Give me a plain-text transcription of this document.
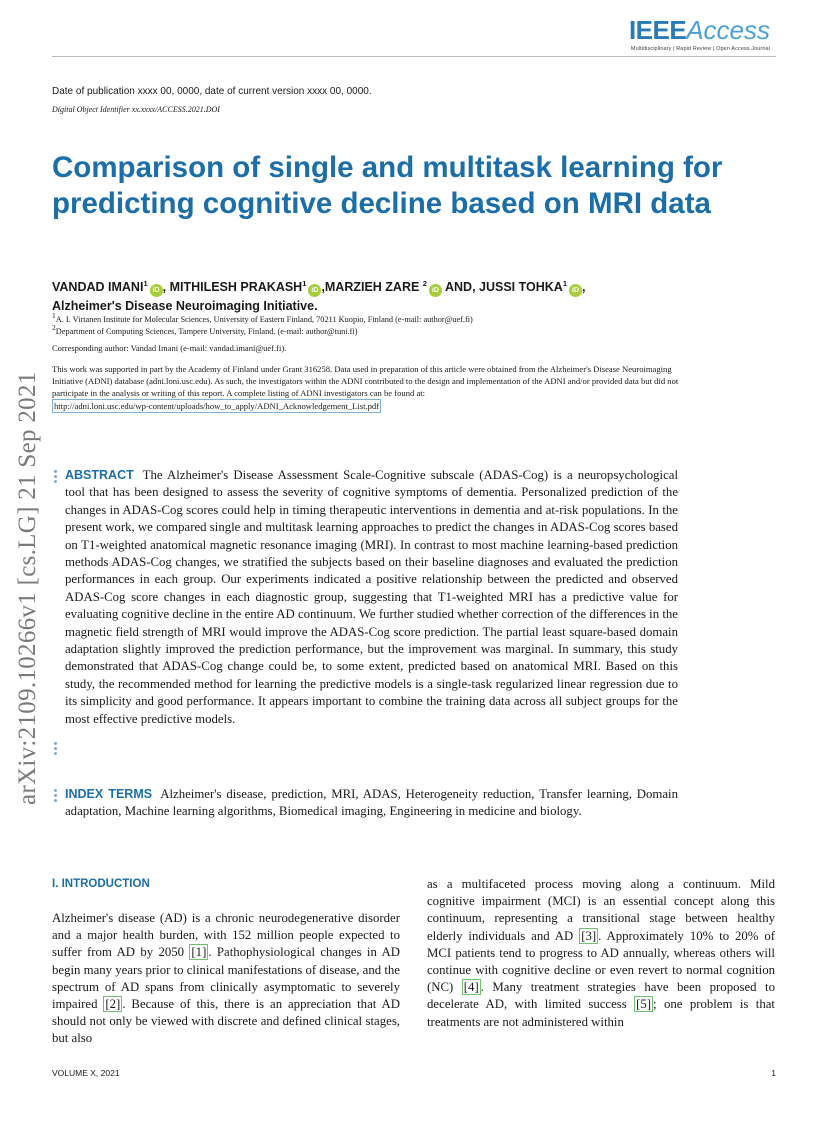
IEEEAccess
Multidisciplinary | Rapid Review | Open Access Journal
Date of publication xxxx 00, 0000, date of current version xxxx 00, 0000.
Digital Object Identifier xx.xxxx/ACCESS.2021.DOI
Comparison of single and multitask learning for predicting cognitive decline based on MRI data
VANDAD IMANI$^1$iD , MITHILESH PRAKASH$^1$iD ,MARZIEH ZARE $^2$iD AND, JUSSI TOHKA$^1$iD ,
Alzheimer's Disease Neuroimaging Initiative.
$^1$A. I. Virtanen Institute for Molecular Sciences, University of Eastern Finland, 70211 Kuopio, Finland (e-mail: author@uef.fi)
$^2$Department of Computing Sciences, Tampere University, Finland. (e-mail: author@tuni.fi)
Corresponding author: Vandad Imani (e-mail: vandad.imani@uef.fi).
This work was supported in part by the Academy of Finland under Grant 316258. Data used in preparation of this article were obtained from the Alzheimer's Disease Neuroimaging Initiative (ADNI) database (adni.loni.usc.edu). As such, the investigators within the ADNI contributed to the design and implementation of the ADNI and/or provided data but did not participate in the analysis or writing of this report. A complete listing of ADNI investigators can be found at:
http://adni.loni.usc.edu/wp-content/uploads/how_to_apply/ADNI_Acknowledgement_List.pdf
arXiv:2109.10266v1 [cs.LG] 21 Sep 2021 ABSTRACT The Alzheimer's Disease Assessment Scale-Cognitive subscale (ADAS-Cog) is a neuropsychological tool that has been designed to assess the severity of cognitive symptoms of dementia. Personalized prediction of the changes in ADAS-Cog scores could help in timing therapeutic interventions in dementia and at-risk populations. In the present work, we compared single and multitask learning approaches to predict the changes in ADAS-Cog scores based on T1-weighted anatomical magnetic resonance imaging (MRI). In contrast to most machine learning-based prediction methods ADAS-Cog changes, we stratified the subjects based on their baseline diagnoses and evaluated the prediction performances in each group. Our experiments indicated a positive relationship between the predicted and observed ADAS-Cog score changes in each diagnostic group, suggesting that T1-weighted MRI has a predictive value for evaluating cognitive decline in the entire AD continuum. We further studied whether correction of the differences in the magnetic field strength of MRI would improve the ADAS-Cog score prediction. The partial least square-based domain adaptation slightly improved the prediction performance, but the improvement was marginal. In summary, this study demonstrated that ADAS-Cog change could be, to some extent, predicted based on anatomical MRI. Based on this study, the recommended method for learning the predictive models is a single-task regularized linear regression due to its simplicity and good performance. It appears important to combine the training data across all subject groups for the most effective predictive models.
INDEX TERMS Alzheimer's disease, prediction, MRI, ADAS, Heterogeneity reduction, Transfer learning, Domain adaptation, Machine learning algorithms, Biomedical imaging, Engineering in medicine and biology.
I. INTRODUCTION
Alzheimer's disease (AD) is a chronic neurodegenerative disorder and a major health burden, with 152 million people expected to suffer from AD by 2050 [1] . Pathophysiological changes in AD begin many years prior to clinical manifestations of disease, and the spectrum of AD spans from clinically asymptomatic to severely impaired [2] . Because of this, there is an appreciation that AD should not only be viewed with discrete and defined clinical stages, but also
as a multifaceted process moving along a continuum. Mild cognitive impairment (MCI) is an essential concept along this continuum, representing a transitional stage between healthy elderly individuals and AD [3] . Approximately 10% to 20% of MCI patients tend to progress to AD annually, whereas others will continue with cognitive decline or even revert to normal cognition (NC) [4] . Many treatment strategies have been proposed to decelerate AD, with limited success [5] ; one problem is that treatments are not administered within
VOLUME X, 2021	1
